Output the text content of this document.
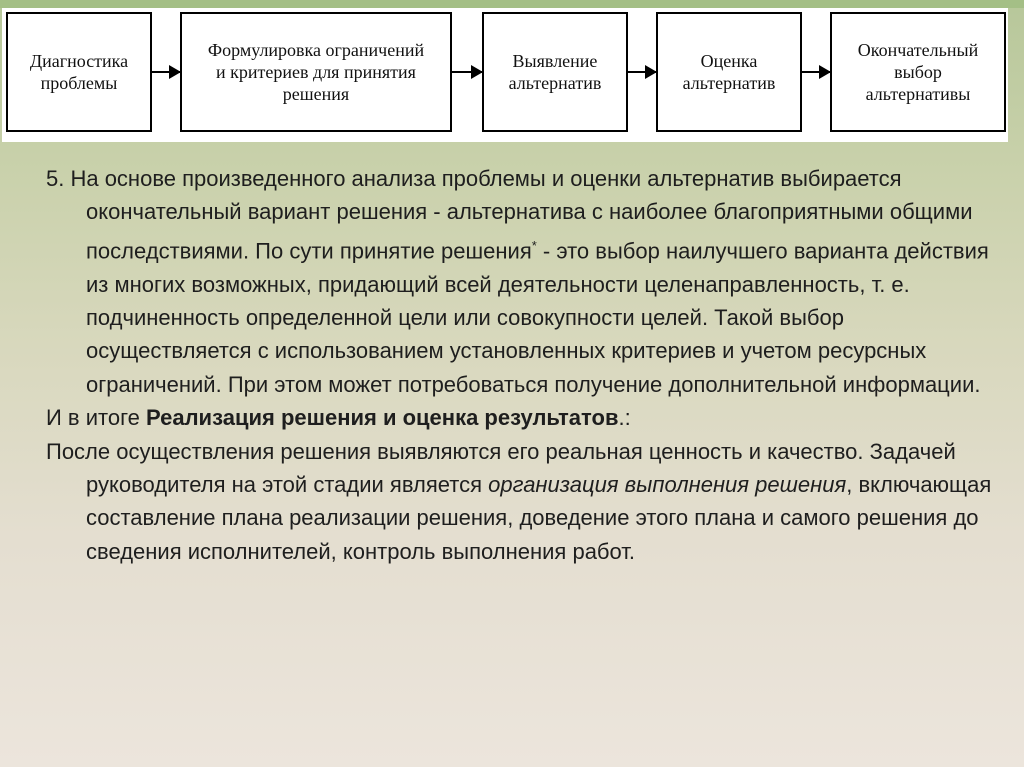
Диагностика
проблемы
Формулировка ограничений
и критериев для принятия
решения
Выявление
альтернатив
Оценка
альтернатив
Окончательный
выбор
альтернативы

5. На основе произведенного анализа проблемы и оценки альтернатив выбирается окончательный вариант решения - альтернатива с наиболее благоприятными общими последствиями. По сути принятие решения* - это выбор наилучшего варианта действия из многих возможных, придающий всей деятельности целенаправленность, т. е. подчиненность определенной цели или совокупности целей. Такой выбор осуществляется с использованием установленных критериев и учетом ресурсных ограничений. При этом может потребоваться получение дополнительной информации.

И в итоге Реализация решения и оценка результатов.:

После осуществления решения выявляются его реальная ценность и качество. Задачей руководителя на этой стадии является организация выполнения решения, включающая составление плана реализации решения, доведение этого плана и самого решения до сведения исполнителей, контроль выполнения работ.
